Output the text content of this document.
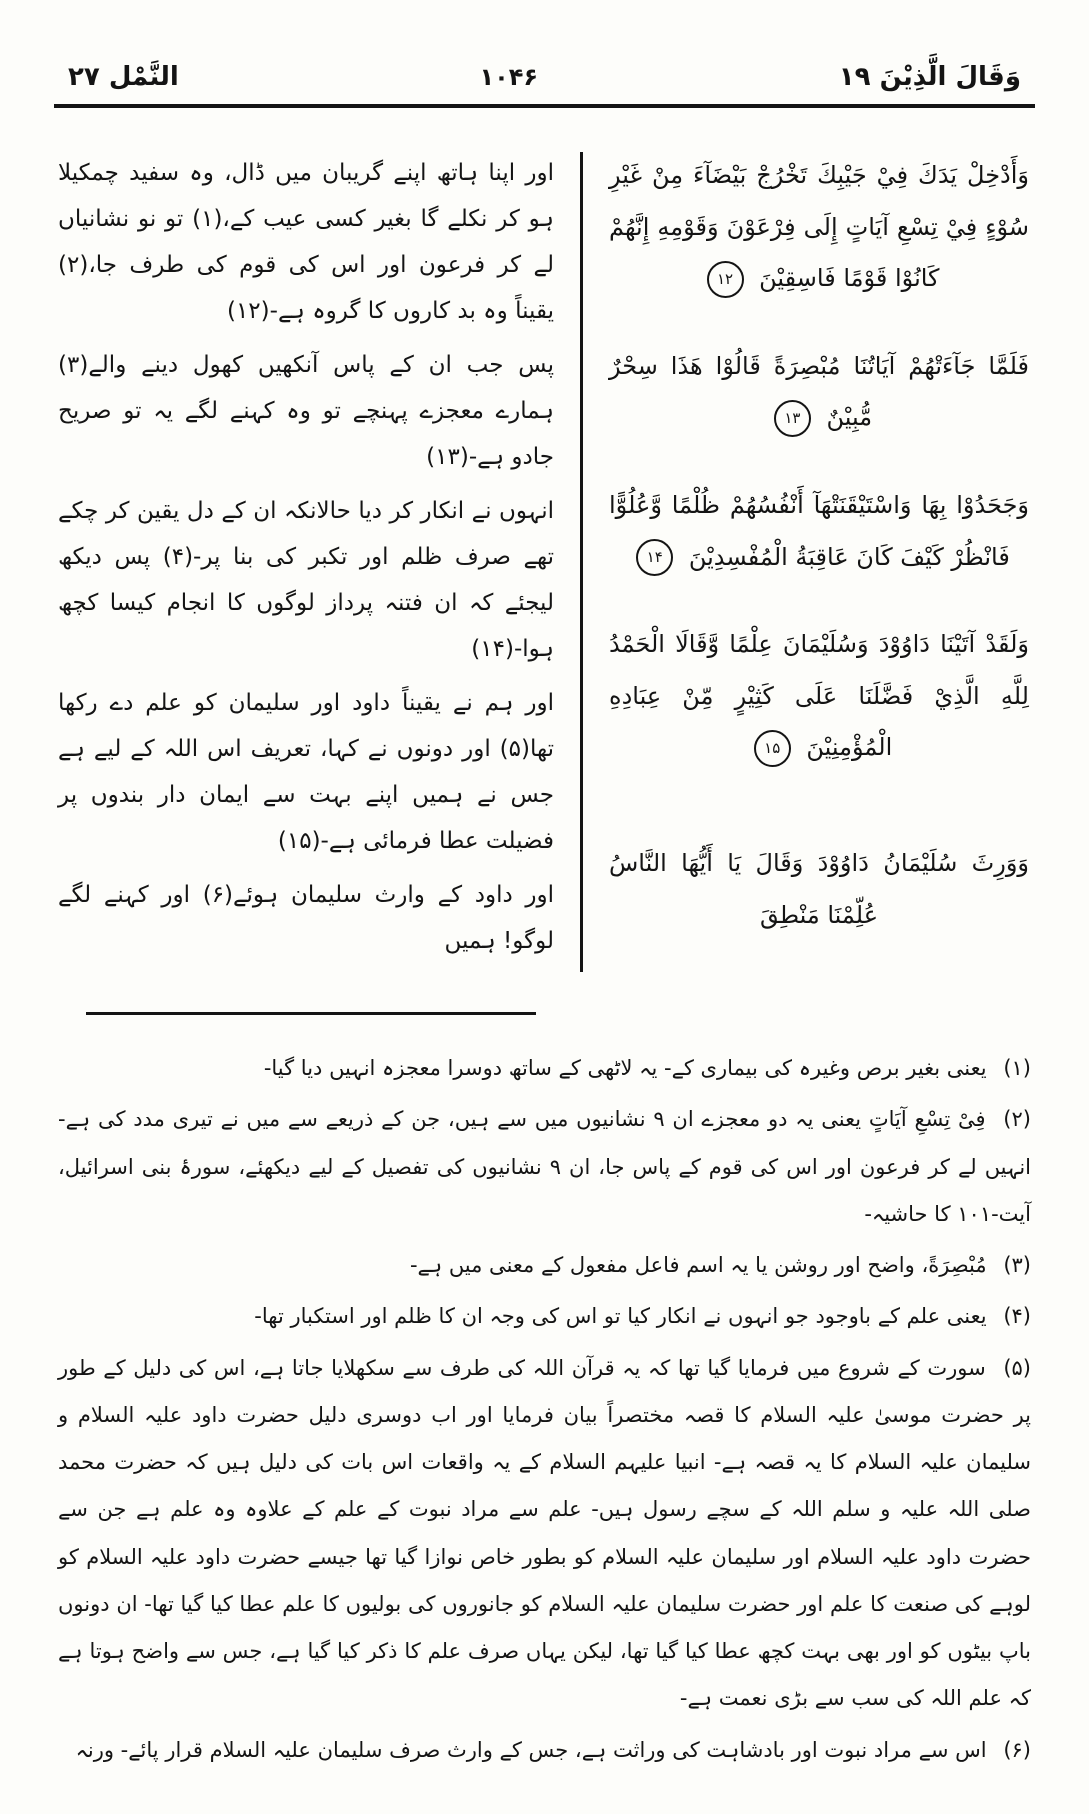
وَقَالَ الَّذِيْنَ ۱۹
۱۰۴۶
النَّمْل ۲۷

وَأَدْخِلْ يَدَكَ فِيْ جَيْبِكَ تَخْرُجْ بَيْضَآءَ مِنْ غَيْرِ سُوْءٍ فِيْ تِسْعِ آيَاتٍ إِلَى فِرْعَوْنَ وَقَوْمِهِ إِنَّهُمْ كَانُوْا قَوْمًا فَاسِقِيْنَ ۱۲

فَلَمَّا جَآءَتْهُمْ آيَاتُنَا مُبْصِرَةً قَالُوْا هَذَا سِحْرٌ مُّبِيْنٌ ۱۳

وَجَحَدُوْا بِهَا وَاسْتَيْقَنَتْهَآ أَنْفُسُهُمْ ظُلْمًا وَّعُلُوًّا فَانْظُرْ كَيْفَ كَانَ عَاقِبَةُ الْمُفْسِدِيْنَ ۱۴

وَلَقَدْ آتَيْنَا دَاوُوْدَ وَسُلَيْمَانَ عِلْمًا وَّقَالَا الْحَمْدُ لِلَّهِ الَّذِيْ فَضَّلَنَا عَلَى كَثِيْرٍ مِّنْ عِبَادِهِ الْمُؤْمِنِيْنَ ۱۵

وَوَرِثَ سُلَيْمَانُ دَاوُوْدَ وَقَالَ يَا أَيُّهَا النَّاسُ عُلِّمْنَا مَنْطِقَ

اور اپنا ہاتھ اپنے گریبان میں ڈال، وہ سفید چمکیلا ہو کر نکلے گا بغیر کسی عیب کے،(۱) تو نو نشانیاں لے کر فرعون اور اس کی قوم کی طرف جا،(۲) یقیناً وہ بد کاروں کا گروہ ہے-(۱۲)

پس جب ان کے پاس آنکھیں کھول دینے والے(۳) ہمارے معجزے پہنچے تو وہ کہنے لگے یہ تو صریح جادو ہے-(۱۳)

انہوں نے انکار کر دیا حالانکہ ان کے دل یقین کر چکے تھے صرف ظلم اور تکبر کی بنا پر-(۴) پس دیکھ لیجئے کہ ان فتنہ پرداز لوگوں کا انجام کیسا کچھ ہوا-(۱۴)

اور ہم نے یقیناً داود اور سلیمان کو علم دے رکھا تھا(۵) اور دونوں نے کہا، تعریف اس اللہ کے لیے ہے جس نے ہمیں اپنے بہت سے ایمان دار بندوں پر فضیلت عطا فرمائی ہے-(۱۵)

اور داود کے وارث سلیمان ہوئے(۶) اور کہنے لگے لوگو! ہمیں

(۱) یعنی بغیر برص وغیرہ کی بیماری کے- یہ لاٹھی کے ساتھ دوسرا معجزہ انہیں دیا گیا-

(۲) فِیْ تِسْعِ آیَاتٍ یعنی یہ دو معجزے ان ۹ نشانیوں میں سے ہیں، جن کے ذریعے سے میں نے تیری مدد کی ہے- انہیں لے کر فرعون اور اس کی قوم کے پاس جا، ان ۹ نشانیوں کی تفصیل کے لیے دیکھئے، سورۂ بنی اسرائیل، آیت-۱۰۱ کا حاشیہ-

(۳) مُبْصِرَةً، واضح اور روشن یا یہ اسم فاعل مفعول کے معنی میں ہے-

(۴) یعنی علم کے باوجود جو انہوں نے انکار کیا تو اس کی وجہ ان کا ظلم اور استکبار تھا-

(۵) سورت کے شروع میں فرمایا گیا تھا کہ یہ قرآن اللہ کی طرف سے سکھلایا جاتا ہے، اس کی دلیل کے طور پر حضرت موسیٰ علیہ السلام کا قصہ مختصراً بیان فرمایا اور اب دوسری دلیل حضرت داود علیہ السلام و سلیمان علیہ السلام کا یہ قصہ ہے- انبیا علیہم السلام کے یہ واقعات اس بات کی دلیل ہیں کہ حضرت محمد صلی اللہ علیہ و سلم اللہ کے سچے رسول ہیں- علم سے مراد نبوت کے علم کے علاوہ وہ علم ہے جن سے حضرت داود علیہ السلام اور سلیمان علیہ السلام کو بطور خاص نوازا گیا تھا جیسے حضرت داود علیہ السلام کو لوہے کی صنعت کا علم اور حضرت سلیمان علیہ السلام کو جانوروں کی بولیوں کا علم عطا کیا گیا تھا- ان دونوں باپ بیٹوں کو اور بھی بہت کچھ عطا کیا گیا تھا، لیکن یہاں صرف علم کا ذکر کیا گیا ہے، جس سے واضح ہوتا ہے کہ علم اللہ کی سب سے بڑی نعمت ہے-

(۶) اس سے مراد نبوت اور بادشاہت کی وراثت ہے، جس کے وارث صرف سلیمان علیہ السلام قرار پائے- ورنہ
